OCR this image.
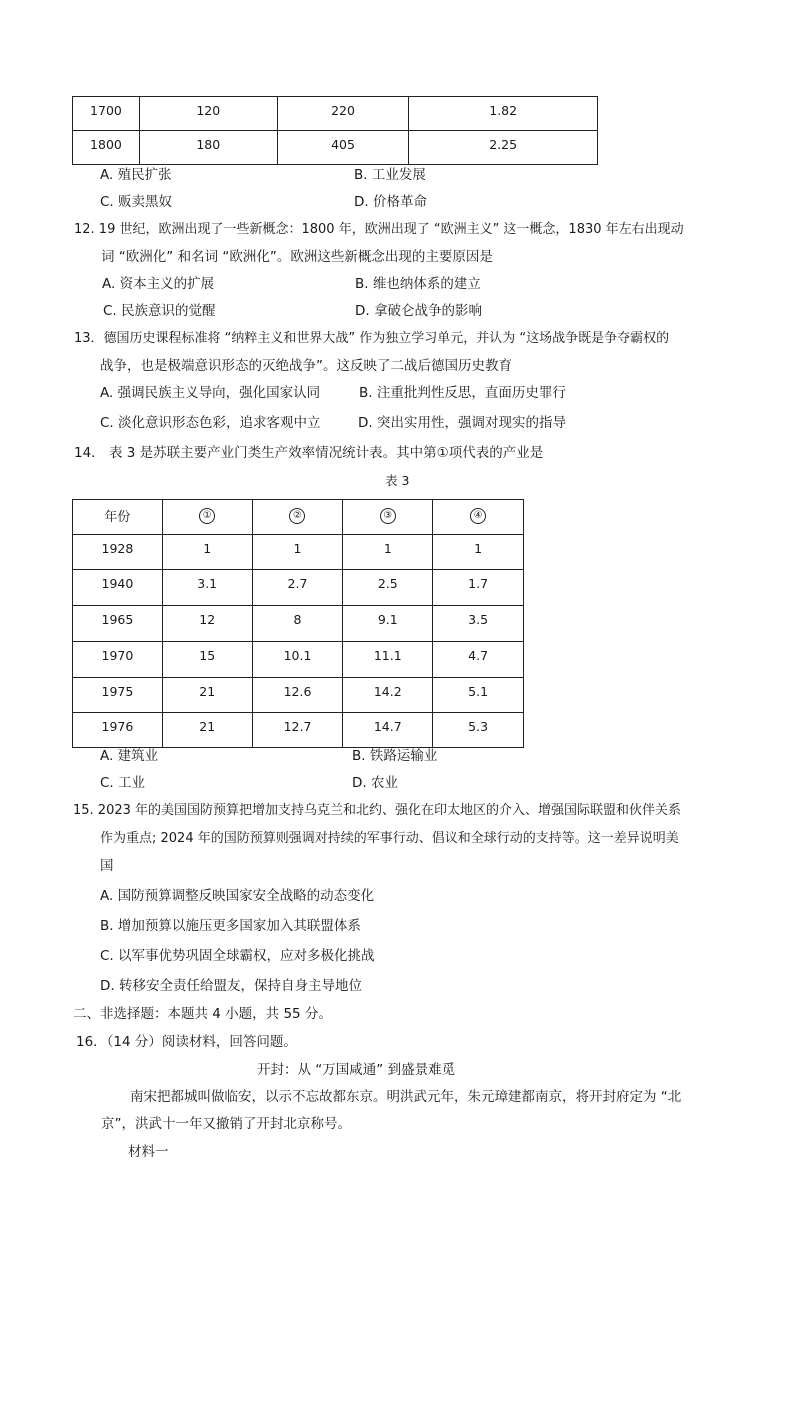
1700	120	220	1.82
1800	180	405	2.25
A. 殖民扩张	B. 工业发展
C. 贩卖黑奴	D. 价格革命
12. 19 世纪，欧洲出现了一些新概念：1800 年，欧洲出现了 “欧洲主义” 这一概念，1830 年左右出现动
词 “欧洲化” 和名词 “欧洲化”。欧洲这些新概念出现的主要原因是
A. 资本主义的扩展	B. 维也纳体系的建立
C. 民族意识的觉醒	D. 拿破仑战争的影响
13．德国历史课程标准将 “纳粹主义和世界大战” 作为独立学习单元，并认为 “这场战争既是争夺霸权的
战争，也是极端意识形态的灭绝战争”。这反映了二战后德国历史教育
A. 强调民族主义导向，强化国家认同	B. 注重批判性反思，直面历史罪行
C. 淡化意识形态色彩，追求客观中立	D. 突出实用性，强调对现实的指导
14． 表 3 是苏联主要产业门类生产效率情况统计表。其中第①项代表的产业是
表 3
年份	①	②	③	④
1928	1	1	1	1
1940	3.1	2.7	2.5	1.7
1965	12	8	9.1	3.5
1970	15	10.1	11.1	4.7
1975	21	12.6	14.2	5.1
1976	21	12.7	14.7	5.3
A. 建筑业	B. 铁路运输业
C. 工业	D. 农业
15. 2023 年的美国国防预算把增加支持乌克兰和北约、强化在印太地区的介入、增强国际联盟和伙伴关系
作为重点; 2024 年的国防预算则强调对持续的军事行动、倡议和全球行动的支持等。这一差异说明美
国
A. 国防预算调整反映国家安全战略的动态变化
B. 增加预算以施压更多国家加入其联盟体系
C. 以军事优势巩固全球霸权，应对多极化挑战
D. 转移安全责任给盟友，保持自身主导地位
二、非选择题：本题共 4 小题，共 55 分。
16．（14 分）阅读材料，回答问题。
开封：从 “万国咸通” 到盛景难觅
南宋把都城叫做临安，以示不忘故都东京。明洪武元年，朱元璋建都南京，将开封府定为 “北
京”，洪武十一年又撤销了开封北京称号。
材料一
